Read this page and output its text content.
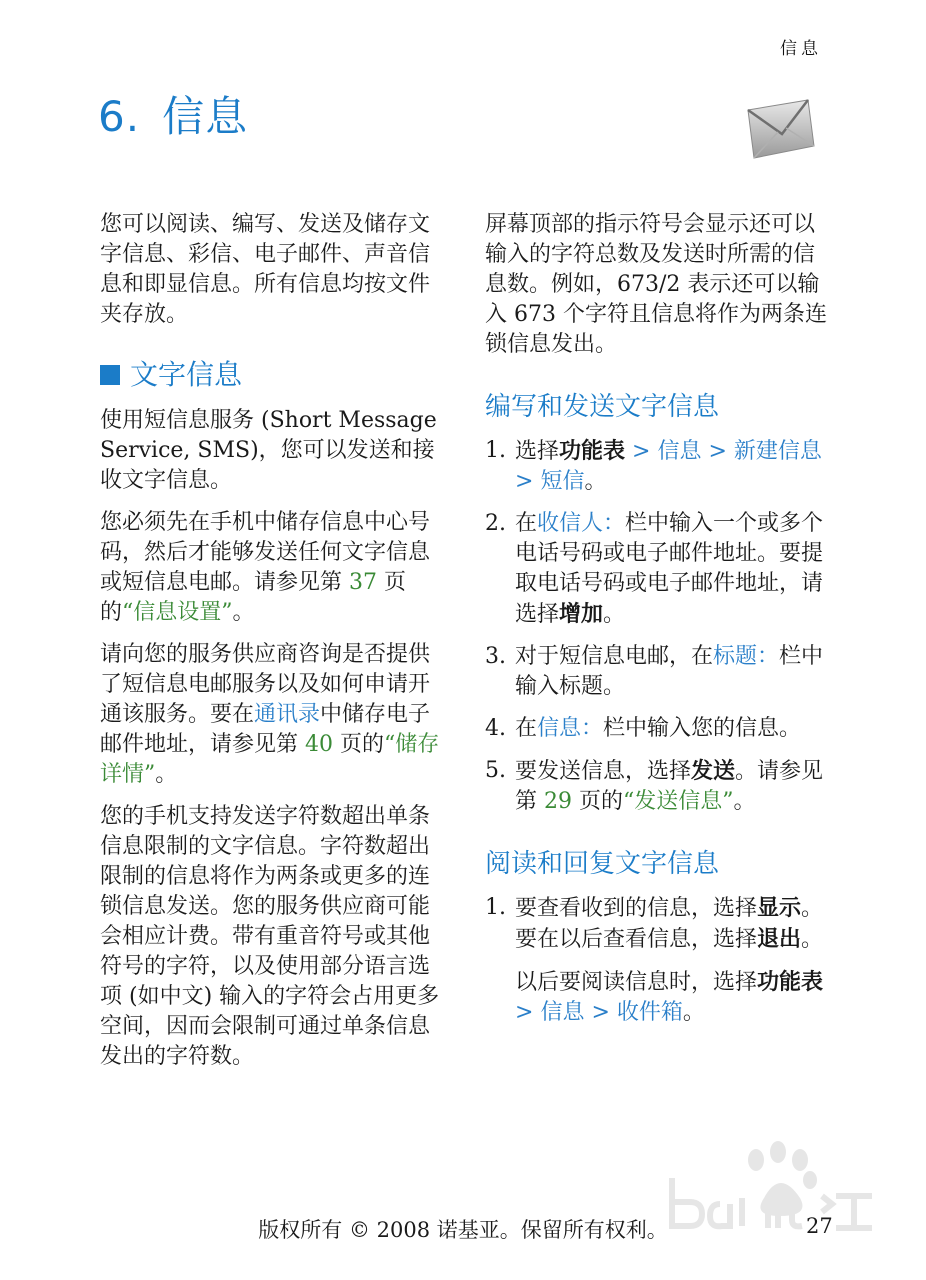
信息
6. 信息

您可以阅读、编写、发送及储存文字信息、彩信、电子邮件、声音信息和即显信息。所有信息均按文件夹存放。

文字信息

使用短信息服务 (Short Message Service, SMS)，您可以发送和接收文字信息。

您必须先在手机中储存信息中心号码，然后才能够发送任何文字信息或短信息电邮。请参见第 37 页的“信息设置”。

请向您的服务供应商咨询是否提供了短信息电邮服务以及如何申请开通该服务。要在通讯录中储存电子邮件地址，请参见第 40 页的“储存详情”。

您的手机支持发送字符数超出单条信息限制的文字信息。字符数超出限制的信息将作为两条或更多的连锁信息发送。您的服务供应商可能会相应计费。带有重音符号或其他符号的字符，以及使用部分语言选项 (如中文) 输入的字符会占用更多空间，因而会限制可通过单条信息发出的字符数。

屏幕顶部的指示符号会显示还可以输入的字符总数及发送时所需的信息数。例如，673/2 表示还可以输入 673 个字符且信息将作为两条连锁信息发出。

编写和发送文字信息
1. 选择功能表 > 信息 > 新建信息 > 短信。
2. 在收信人：栏中输入一个或多个电话号码或电子邮件地址。要提取电话号码或电子邮件地址，请选择增加。
3. 对于短信息电邮，在标题：栏中输入标题。
4. 在信息：栏中输入您的信息。
5. 要发送信息，选择发送。请参见第 29 页的“发送信息”。
阅读和回复文字信息
1. 要查看收到的信息，选择显示。要在以后查看信息，选择退出。

以后要阅读信息时，选择功能表 > 信息 > 收件箱。

版权所有 © 2008 诺基亚。保留所有权利。	27
